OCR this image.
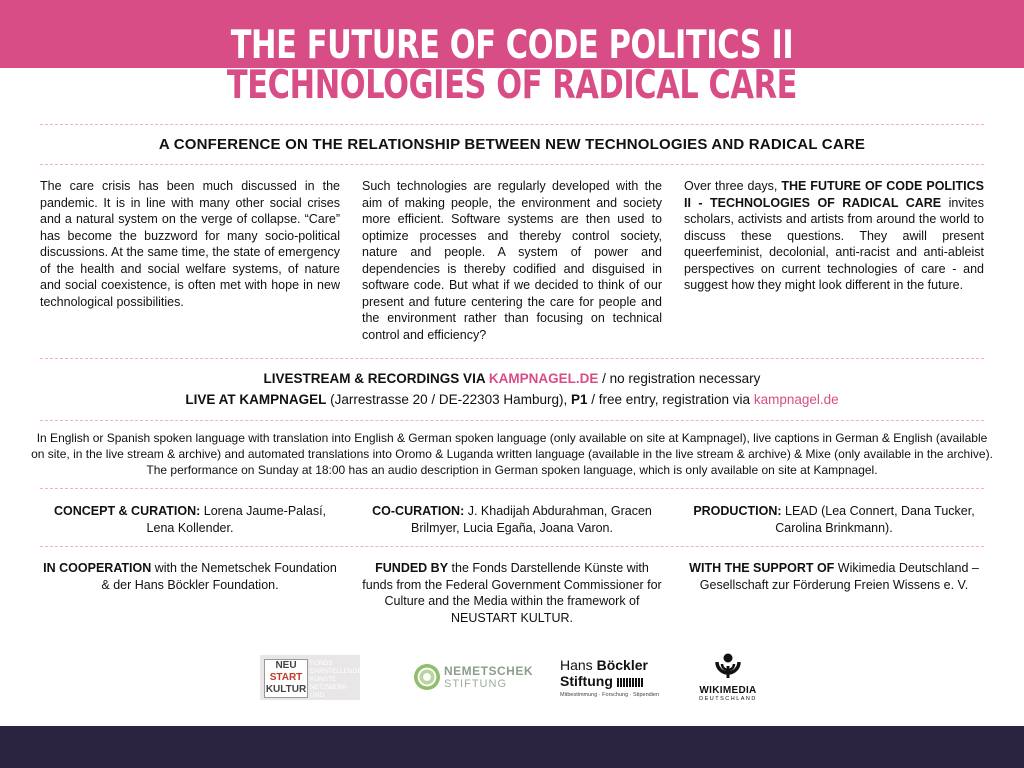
THE FUTURE OF CODE POLITICS II
TECHNOLOGIES OF RADICAL CARE
A CONFERENCE ON THE RELATIONSHIP BETWEEN NEW TECHNOLOGIES AND RADICAL CARE
The care crisis has been much discussed in the pandemic. It is in line with many other social crises and a natural system on the verge of collapse. “Care” has become the buzzword for many socio-political discussions. At the same time, the state of emergency of the health and social welfare systems, of nature and social coexistence, is often met with hope in new technological possibilities.
Such technologies are regularly developed with the aim of making people, the environment and society more efficient. Software systems are then used to optimize processes and thereby control society, nature and people. A system of power and dependencies is thereby codified and disguised in software code. But what if we decided to think of our present and future centering the care for people and the environment rather than focusing on technical control and efficiency?
Over three days, THE FUTURE OF CODE POLITICS II - TECHNOLOGIES OF RADICAL CARE invites scholars, activists and artists from around the world to discuss these questions. They awill present queerfeminist, decolonial, anti-racist and anti-ableist perspectives on current technologies of care - and suggest how they might look different in the future.
LIVESTREAM & RECORDINGS VIA KAMPNAGEL.DE / no registration necessary
LIVE AT KAMPNAGEL (Jarrestrasse 20 / DE-22303 Hamburg), P1 / free entry, registration via kampnagel.de
In English or Spanish spoken language with translation into English & German spoken language (only available on site at Kampnagel), live captions in German & English (available on site, in the live stream & archive) and automated translations into Oromo & Luganda written language (available in the live stream & archive) & Mixe (only available in the archive). The performance on Sunday at 18:00 has an audio description in German spoken language, which is only available on site at Kampnagel.
CONCEPT & CURATION: Lorena Jaume-Palasí, Lena Kollender.
CO-CURATION: J. Khadijah Abdurahman, Gracen Brilmyer, Lucia Egaña, Joana Varon.
PRODUCTION: LEAD (Lea Connert, Dana Tucker, Carolina Brinkmann).
IN COOPERATION with the Nemetschek Foundation & der Hans Böckler Foundation.
FUNDED BY the Fonds Darstellende Künste with funds from the Federal Government Commissioner for Culture and the Media within the framework of NEUSTART KULTUR.
WITH THE SUPPORT OF Wikimedia Deutschland – Gesellschaft zur Förderung Freien Wissens e. V.
NEU
START
KULTUR
FONDS DARSTELLENDE KÜNSTE NETZWERK- UND STRUKTURFÖRDERUNG
NEMETSCHEK
STIFTUNG
Hans Böckler
Stiftung
Mitbestimmung · Forschung · Stipendien	WIKIMEDIA
DEUTSCHLAND
